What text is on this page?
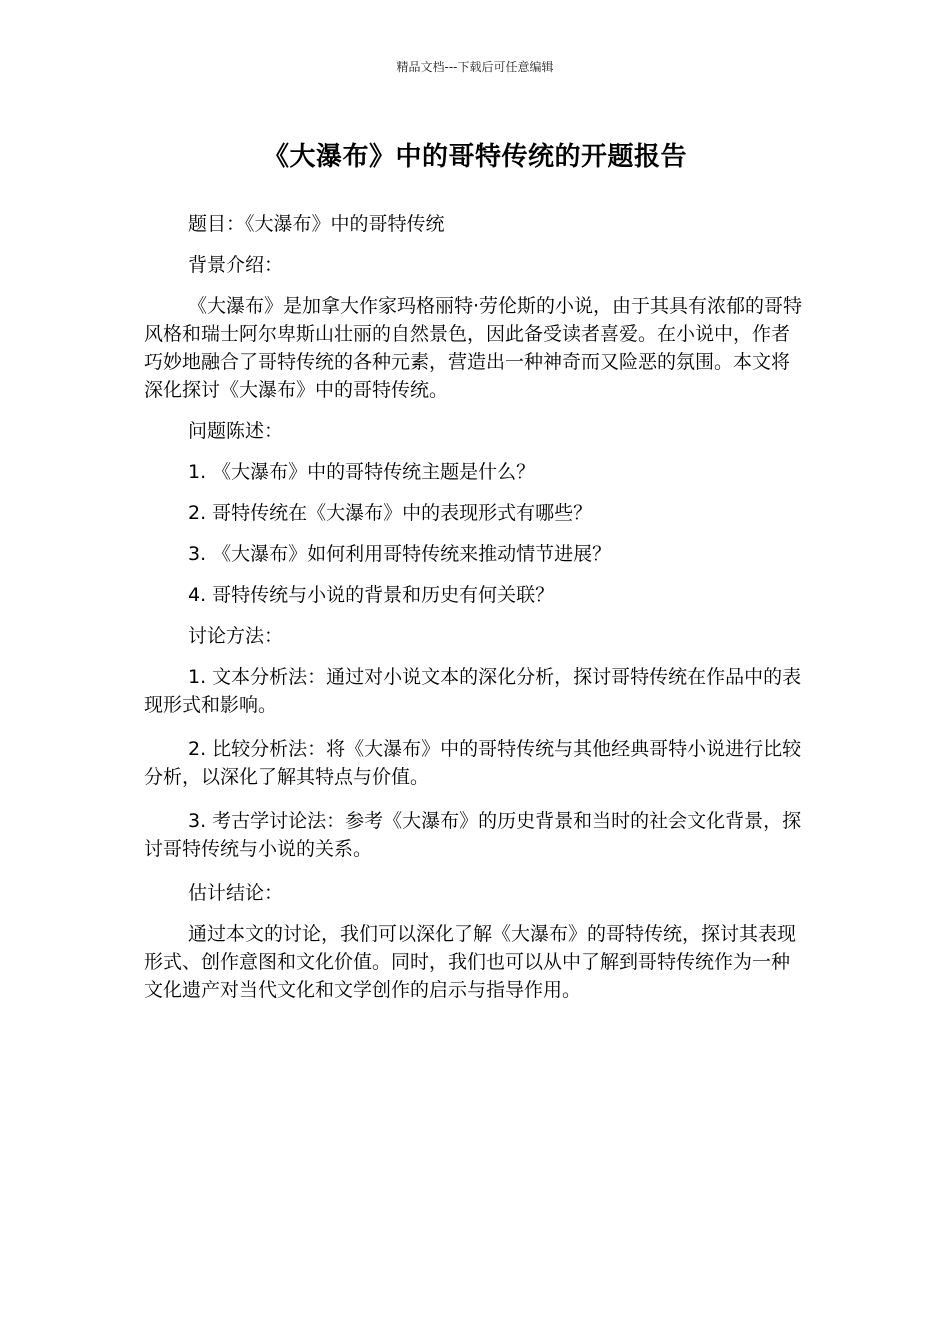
精品文档---下载后可任意编辑
《大瀑布》中的哥特传统的开题报告

题目：《大瀑布》中的哥特传统

背景介绍：

《大瀑布》是加拿大作家玛格丽特·劳伦斯的小说，由于其具有浓郁的哥特风格和瑞士阿尔卑斯山壮丽的自然景色，因此备受读者喜爱。在小说中，作者巧妙地融合了哥特传统的各种元素，营造出一种神奇而又险恶的氛围。本文将深化探讨《大瀑布》中的哥特传统。

问题陈述：

1. 《大瀑布》中的哥特传统主题是什么？

2. 哥特传统在《大瀑布》中的表现形式有哪些？

3. 《大瀑布》如何利用哥特传统来推动情节进展？

4. 哥特传统与小说的背景和历史有何关联？

讨论方法：

1. 文本分析法：通过对小说文本的深化分析，探讨哥特传统在作品中的表现形式和影响。

2. 比较分析法：将《大瀑布》中的哥特传统与其他经典哥特小说进行比较分析，以深化了解其特点与价值。

3. 考古学讨论法：参考《大瀑布》的历史背景和当时的社会文化背景，探讨哥特传统与小说的关系。

估计结论：

通过本文的讨论，我们可以深化了解《大瀑布》的哥特传统，探讨其表现形式、创作意图和文化价值。同时，我们也可以从中了解到哥特传统作为一种文化遗产对当代文化和文学创作的启示与指导作用。
